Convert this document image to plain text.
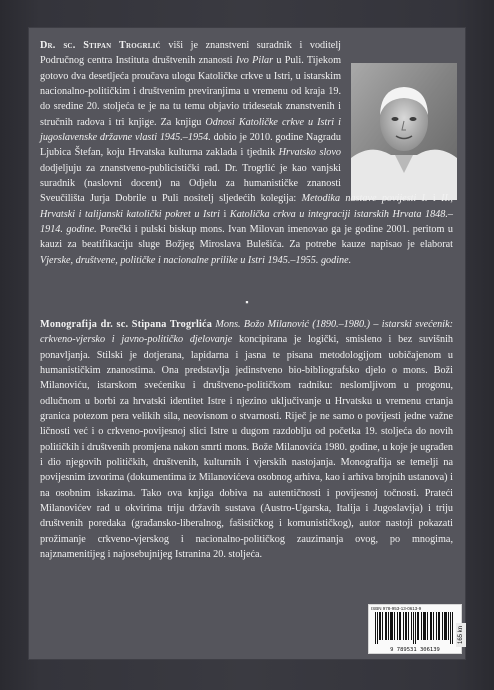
Dr. sc. Stipan Trogrlić viši je znanstveni suradnik i voditelj Područnog centra Instituta društvenih znanosti Ivo Pilar u Puli. Tijekom gotovo dva desetljeća proučava ulogu Katoličke crkve u Istri, u istarskim nacionalno-političkim i društvenim previranjima u vremenu od kraja 19. do sredine 20. stoljeća te je na tu temu objavio tridesetak znanstvenih i stručnih radova i tri knjige. Za knjigu Odnosi Katoličke crkve u Istri i jugoslavenske državne vlasti 1945.–1954. dobio je 2010. godine Nagradu Ljubica Štefan, koju Hrvatska kulturna zaklada i tjednik Hrvatsko slovo dodjeljuju za znanstveno-publicistički rad. Dr. Trogrlić je kao vanjski suradnik (naslovni docent) na Odjelu za humanističke znanosti Sveučilišta Jurja Dobrile u Puli nositelj sljedećih kolegija: Metodika nastave povijesti I. i II., Hrvatski i talijanski katolički pokret u Istri i Katolička crkva u integraciji istarskih Hrvata 1848.–1914. godine. Porečki i pulski biskup mons. Ivan Milovan imenovao ga je godine 2001. peritom u kauzi za beatifikaciju sluge Božjeg Miroslava Bulešića. Za potrebe kauze napisao je elaborat Vjerske, društvene, političke i nacionalne prilike u Istri 1945.–1955. godine.

▪

Monografija dr. sc. Stipana Trogrlića Mons. Božo Milanović (1890.–1980.) – istarski svećenik: crkveno-vjersko i javno-političko djelovanje koncipirana je logički, smisleno i bez suvišnih ponavljanja. Stilski je dotjerana, lapidarna i jasna te pisana metodologijom uobičajenom u humanističkim znanostima. Ona predstavlja jedinstveno bio-bibliografsko djelo o mons. Boži Milanoviću, istarskom svećeniku i društveno-političkom radniku: neslomljivom u progonu, odlučnom u borbi za hrvatski identitet Istre i njezino uključivanje u Hrvatsku u vremenu crtanja granica potezom pera velikih sila, neovisnom o stvarnosti. Riječ je ne samo o povijesti jedne važne ličnosti već i o crkveno-povijesnoj slici Istre u dugom razdoblju od početka 19. stoljeća do novih političkih i društvenih promjena nakon smrti mons. Bože Milanovića 1980. godine, u koje je ugrađen i dio njegovih političkih, društvenih, kulturnih i vjerskih nastojanja. Monografija se temelji na povijesnim izvorima (dokumentima iz Milanovićeva osobnog arhiva, kao i arhiva brojnih ustanova) i na osobnim iskazima. Tako ova knjiga dobiva na autentičnosti i povijesnoj točnosti. Prateći Milanovićev rad u okvirima triju državih sustava (Austro-Ugarska, Italija i Jugoslavija) i triju društvenih poredaka (građansko-liberalnog, fašističkog i komunističkog), autor nastoji pokazati prožimanje crkveno-vjerskog i nacionalno-političkog zauzimanja ovog, po mnogima, najznamenitijeg i najosebujnijeg Istranina 20. stoljeća.

ISBN 978-953-13-0613-9
9 789531 306139
165 kn
